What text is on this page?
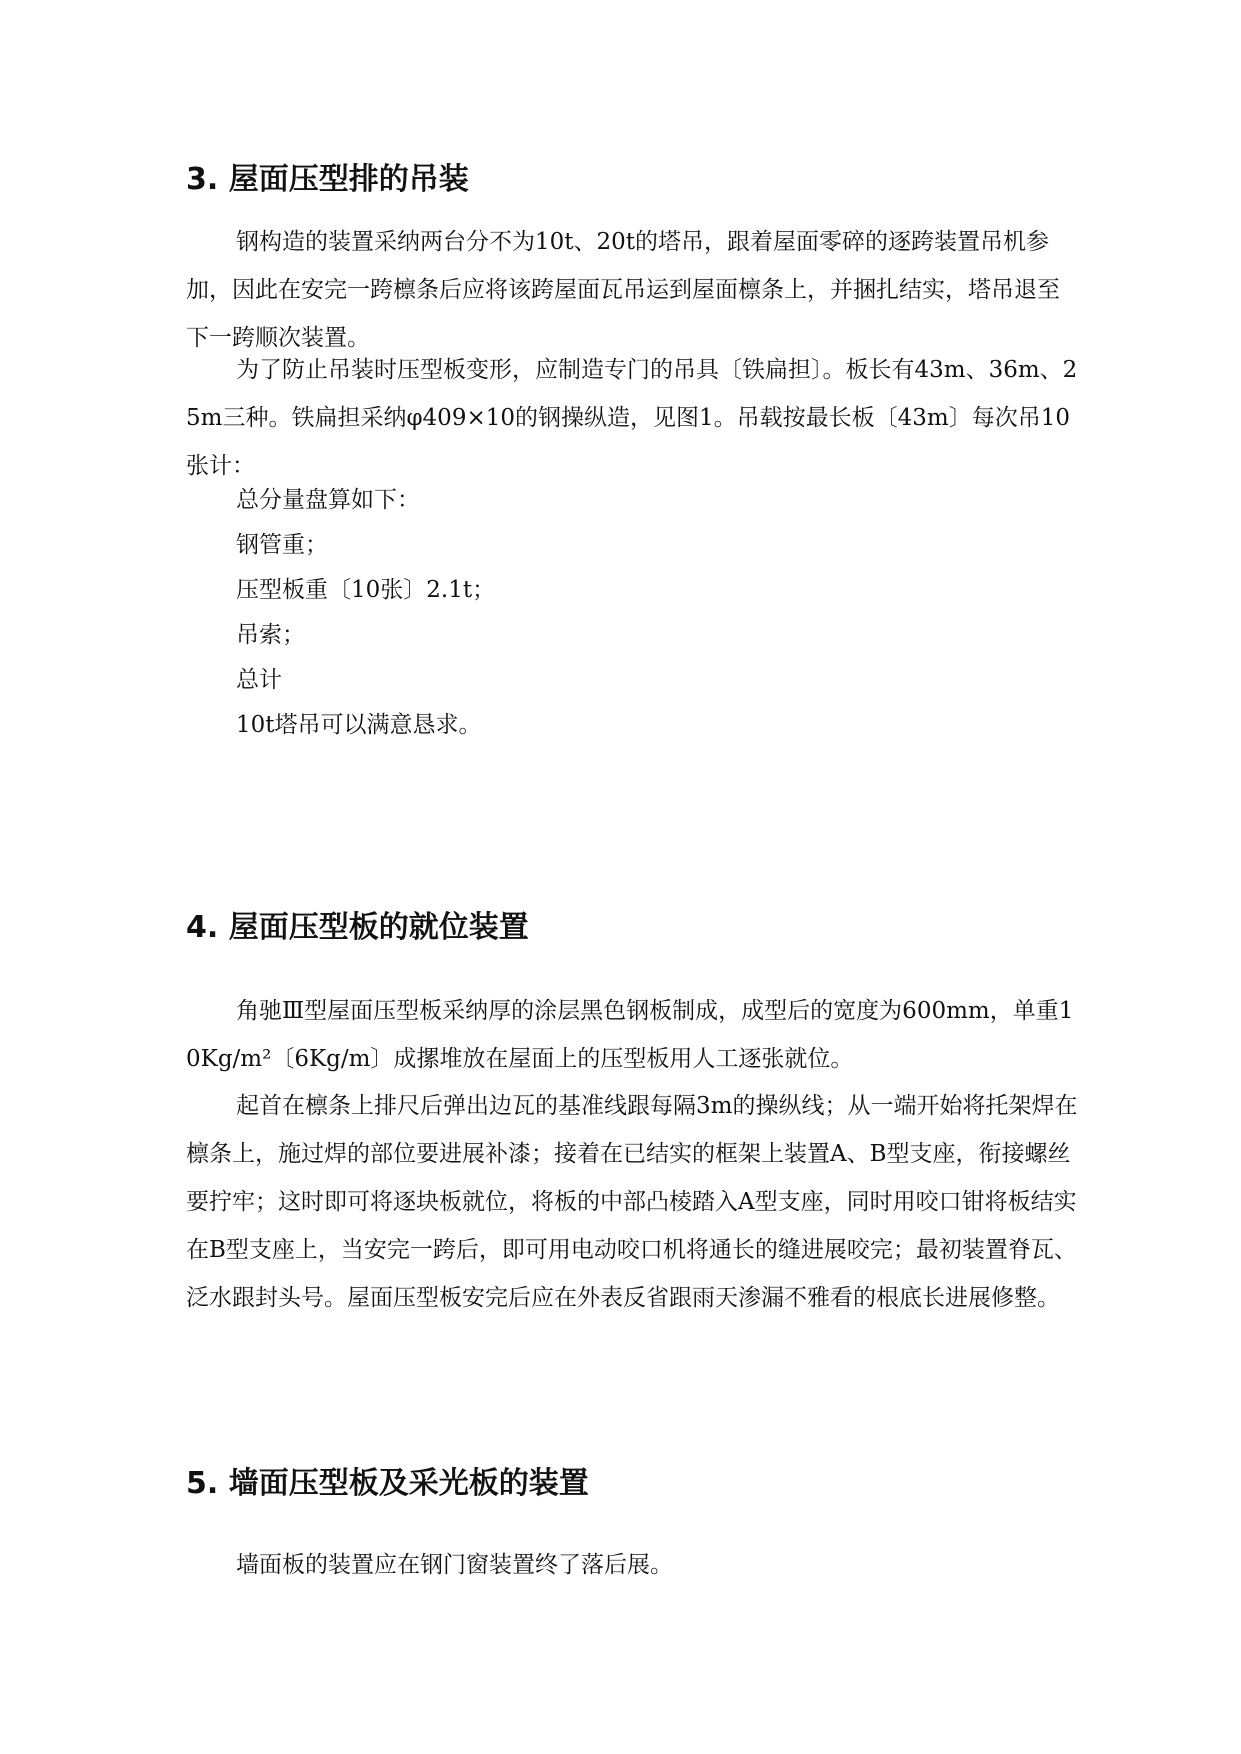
3. 屋面压型排的吊装

钢构造的装置采纳两台分不为10t、20t的塔吊，跟着屋面零碎的逐跨装置吊机参加，因此在安完一跨檩条后应将该跨屋面瓦吊运到屋面檩条上，并捆扎结实，塔吊退至下一跨顺次装置。

为了防止吊装时压型板变形，应制造专门的吊具〔铁扁担〕。板长有43m、36m、25m三种。铁扁担采纳φ409×10的钢操纵造，见图1。吊载按最长板〔43m〕每次吊10张计：

总分量盘算如下：

钢管重；

压型板重〔10张〕2.1t；

吊索；

总计

10t塔吊可以满意恳求。

4. 屋面压型板的就位装置

角驰Ⅲ型屋面压型板采纳厚的涂层黑色钢板制成，成型后的宽度为600mm，单重10Kg/m²〔6Kg/m〕成摞堆放在屋面上的压型板用人工逐张就位。

起首在檩条上排尺后弹出边瓦的基准线跟每隔3m的操纵线；从一端开始将托架焊在檩条上，施过焊的部位要进展补漆；接着在已结实的框架上装置A、B型支座，衔接螺丝要拧牢；这时即可将逐块板就位，将板的中部凸棱踏入A型支座，同时用咬口钳将板结实在B型支座上，当安完一跨后，即可用电动咬口机将通长的缝进展咬完；最初装置脊瓦、泛水跟封头号。屋面压型板安完后应在外表反省跟雨天渗漏不雅看的根底长进展修整。

5. 墙面压型板及采光板的装置

墙面板的装置应在钢门窗装置终了落后展。
